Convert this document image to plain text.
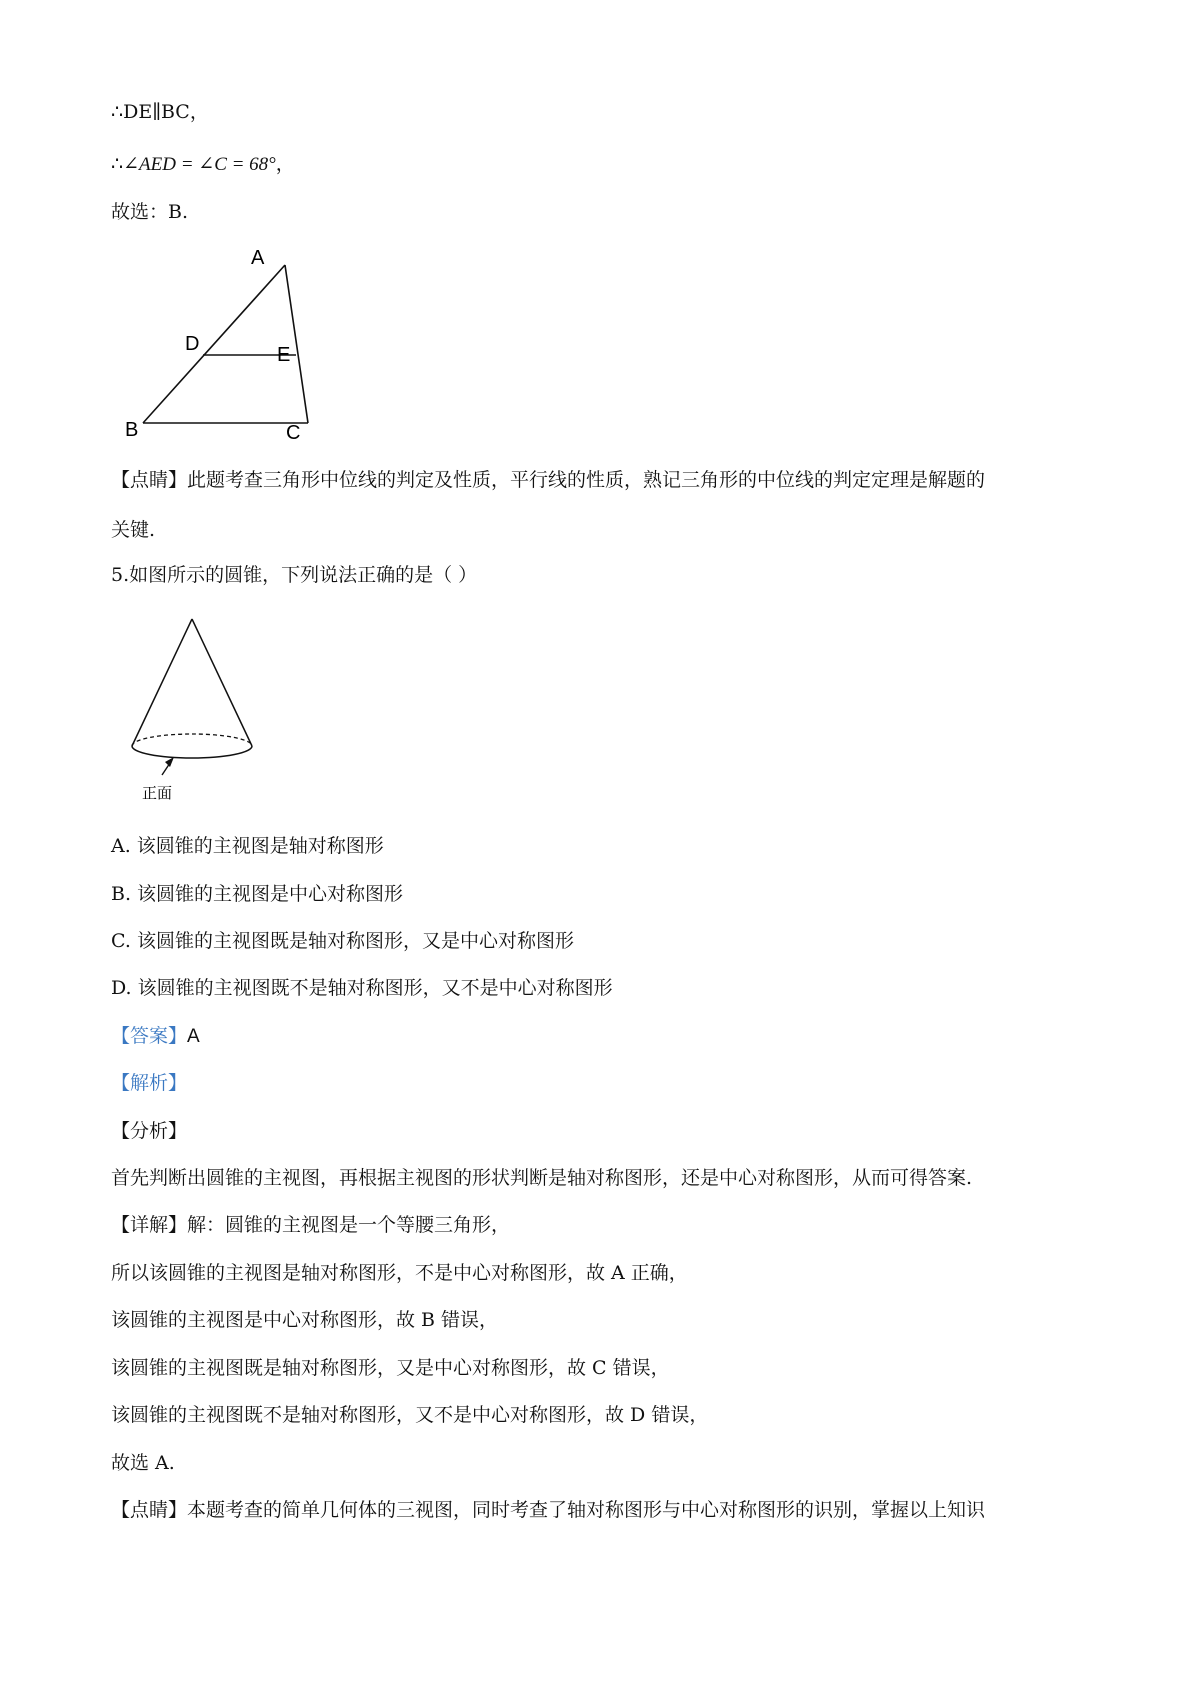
∴DE∥BC，
∴∠AED = ∠C = 68°，
故选：B.
A
B	C
D	E
【点睛】此题考查三角形中位线的判定及性质，平行线的性质，熟记三角形的中位线的判定定理是解题的
关键.
5.如图所示的圆锥，下列说法正确的是（ ）
正面
A. 该圆锥的主视图是轴对称图形
B. 该圆锥的主视图是中心对称图形
C. 该圆锥的主视图既是轴对称图形，又是中心对称图形
D. 该圆锥的主视图既不是轴对称图形，又不是中心对称图形
【答案】A
【解析】
【分析】
首先判断出圆锥的主视图，再根据主视图的形状判断是轴对称图形，还是中心对称图形，从而可得答案.
【详解】解：圆锥的主视图是一个等腰三角形，
所以该圆锥的主视图是轴对称图形，不是中心对称图形，故 A 正确，
该圆锥的主视图是中心对称图形，故 B 错误，
该圆锥的主视图既是轴对称图形，又是中心对称图形，故 C 错误，
该圆锥的主视图既不是轴对称图形，又不是中心对称图形，故 D 错误，
故选 A.
【点睛】本题考查的简单几何体的三视图，同时考查了轴对称图形与中心对称图形的识别，掌握以上知识
